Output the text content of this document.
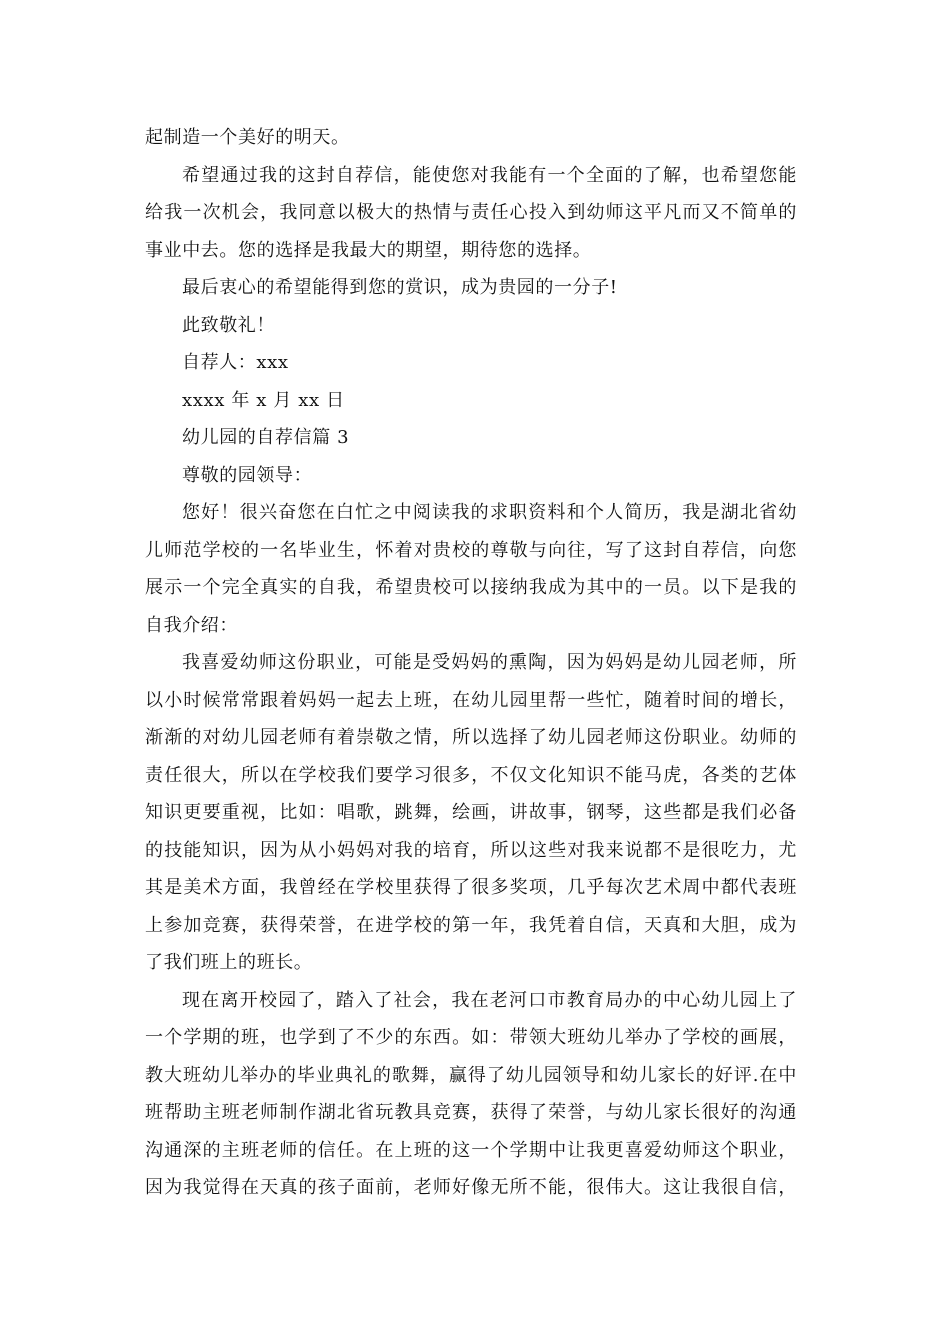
起制造一个美好的明天。
希望通过我的这封自荐信，能使您对我能有一个全面的了解，也希望您能
给我一次机会，我同意以极大的热情与责任心投入到幼师这平凡而又不简单的
事业中去。您的选择是我最大的期望，期待您的选择。
最后衷心的希望能得到您的赏识，成为贵园的一分子!
此致敬礼！
自荐人：xxx
xxxx 年 x 月 xx 日
幼儿园的自荐信篇 3
尊敬的园领导：
您好！很兴奋您在白忙之中阅读我的求职资料和个人简历，我是湖北省幼
儿师范学校的一名毕业生，怀着对贵校的尊敬与向往，写了这封自荐信，向您
展示一个完全真实的自我，希望贵校可以接纳我成为其中的一员。以下是我的
自我介绍：
我喜爱幼师这份职业，可能是受妈妈的熏陶，因为妈妈是幼儿园老师，所
以小时候常常跟着妈妈一起去上班，在幼儿园里帮一些忙，随着时间的增长，
渐渐的对幼儿园老师有着崇敬之情，所以选择了幼儿园老师这份职业。幼师的
责任很大，所以在学校我们要学习很多，不仅文化知识不能马虎，各类的艺体
知识更要重视，比如：唱歌，跳舞，绘画，讲故事，钢琴，这些都是我们必备
的技能知识，因为从小妈妈对我的培育，所以这些对我来说都不是很吃力，尤
其是美术方面，我曾经在学校里获得了很多奖项，几乎每次艺术周中都代表班
上参加竞赛，获得荣誉，在进学校的第一年，我凭着自信，天真和大胆，成为
了我们班上的班长。
现在离开校园了，踏入了社会，我在老河口市教育局办的中心幼儿园上了
一个学期的班，也学到了不少的东西。如：带领大班幼儿举办了学校的画展，
教大班幼儿举办的毕业典礼的歌舞，赢得了幼儿园领导和幼儿家长的好评.在中
班帮助主班老师制作湖北省玩教具竞赛，获得了荣誉，与幼儿家长很好的沟通
沟通深的主班老师的信任。在上班的这一个学期中让我更喜爱幼师这个职业，
因为我觉得在天真的孩子面前，老师好像无所不能，很伟大。这让我很自信，
